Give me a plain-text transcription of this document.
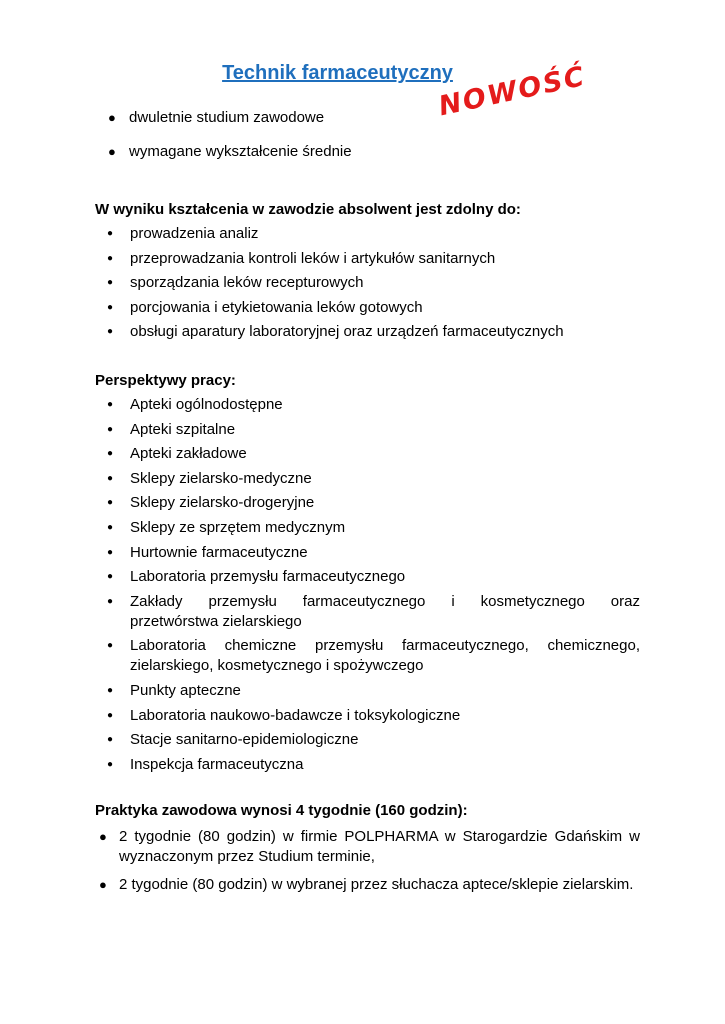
Technik farmaceutyczny
NOWOŚĆ
● dwuletnie studium zawodowe
● wymagane wykształcenie średnie

W wyniku kształcenia w zawodzie absolwent jest zdolny do:

● prowadzenia analiz
● przeprowadzania kontroli leków i artykułów sanitarnych
● sporządzania leków recepturowych
● porcjowania i etykietowania leków gotowych
● obsługi aparatury laboratoryjnej oraz urządzeń farmaceutycznych

Perspektywy pracy:

● Apteki ogólnodostępne
● Apteki szpitalne
● Apteki zakładowe
● Sklepy zielarsko-medyczne
● Sklepy zielarsko-drogeryjne
● Sklepy ze sprzętem medycznym
● Hurtownie farmaceutyczne
● Laboratoria przemysłu farmaceutycznego
● Zakłady przemysłu farmaceutycznego i kosmetycznego oraz
przetwórstwa zielarskiego
● Laboratoria chemiczne przemysłu farmaceutycznego, chemicznego,
zielarskiego, kosmetycznego i spożywczego
● Punkty apteczne
● Laboratoria naukowo-badawcze i toksykologiczne
● Stacje sanitarno-epidemiologiczne
● Inspekcja farmaceutyczna

Praktyka zawodowa wynosi 4 tygodnie (160 godzin):

● 2 tygodnie (80 godzin) w firmie POLPHARMA w Starogardzie Gdańskim w wyznaczonym przez Studium terminie,
● 2 tygodnie (80 godzin) w wybranej przez słuchacza aptece/sklepie zielarskim.
